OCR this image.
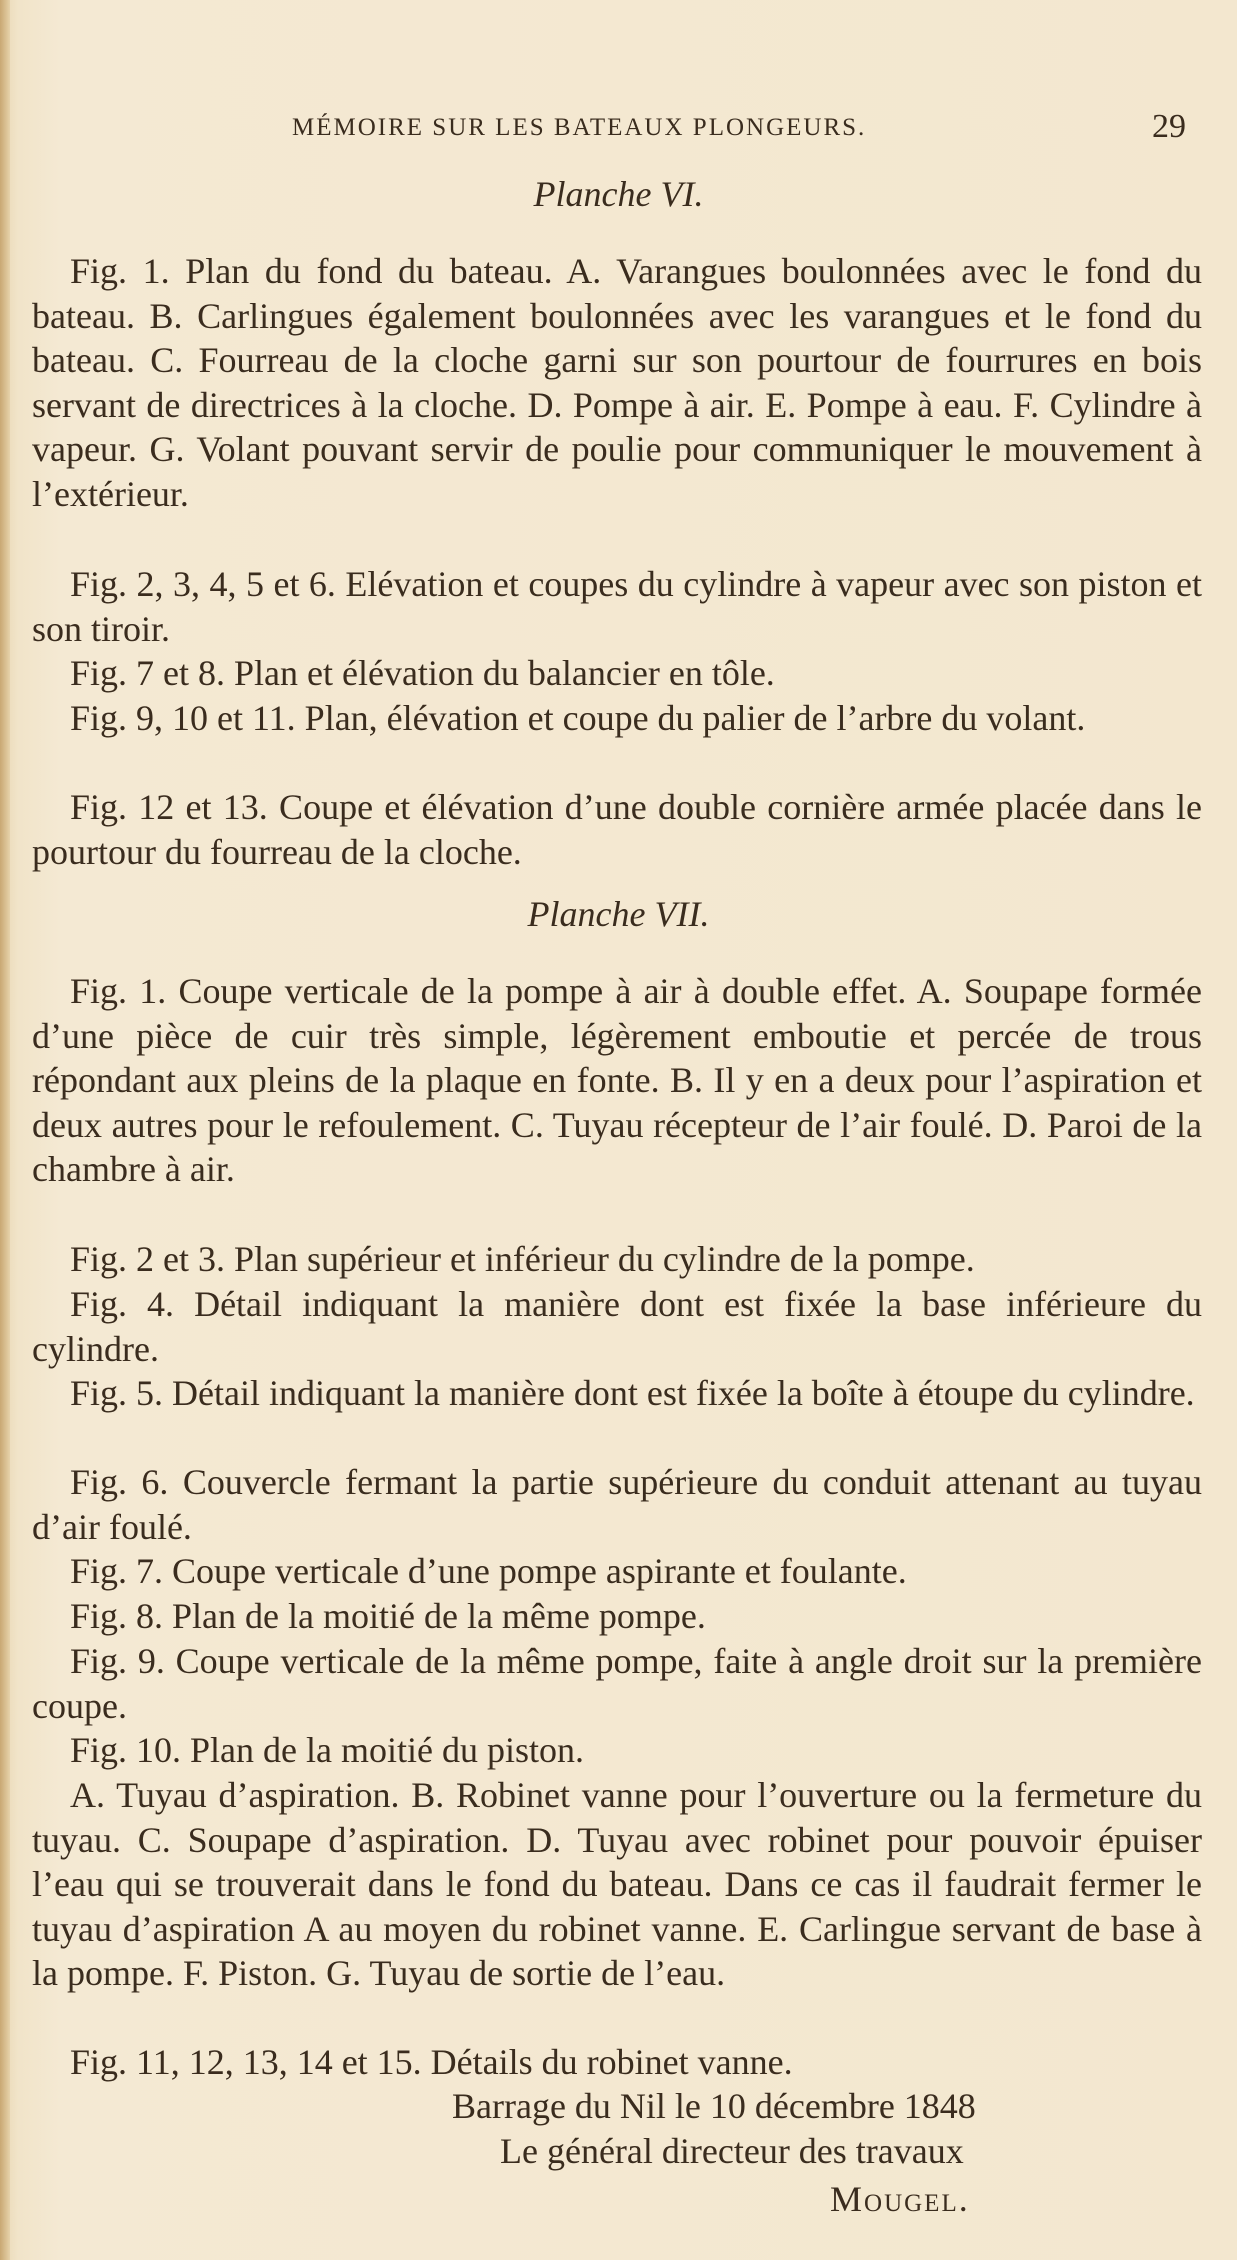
MÉMOIRE SUR LES BATEAUX PLONGEURS.	29
Planche VI.
Fig. 1. Plan du fond du bateau. A. Varangues boulonnées avec le fond du bateau. B. Carlingues également boulonnées avec les varangues et le fond du bateau. C. Fourreau de la cloche garni sur son pourtour de fourrures en bois servant de directrices à la cloche. D. Pompe à air. E. Pompe à eau. F. Cylindre à vapeur. G. Volant pouvant servir de poulie pour communiquer le mouvement à l’extérieur.
Fig. 2, 3, 4, 5 et 6. Elévation et coupes du cylindre à vapeur avec son piston et son tiroir.
Fig. 7 et 8. Plan et élévation du balancier en tôle.
Fig. 9, 10 et 11. Plan, élévation et coupe du palier de l’arbre du volant.
Fig. 12 et 13. Coupe et élévation d’une double cornière armée placée dans le pourtour du fourreau de la cloche.
Planche VII.
Fig. 1. Coupe verticale de la pompe à air à double effet. A. Soupape formée d’une pièce de cuir très simple, légèrement emboutie et percée de trous répondant aux pleins de la plaque en fonte. B. Il y en a deux pour l’aspiration et deux autres pour le refoulement. C. Tuyau récepteur de l’air foulé. D. Paroi de la chambre à air.
Fig. 2 et 3. Plan supérieur et inférieur du cylindre de la pompe.
Fig. 4. Détail indiquant la manière dont est fixée la base inférieure du cylindre.
Fig. 5. Détail indiquant la manière dont est fixée la boîte à étoupe du cylindre.
Fig. 6. Couvercle fermant la partie supérieure du conduit attenant au tuyau d’air foulé.
Fig. 7. Coupe verticale d’une pompe aspirante et foulante.
Fig. 8. Plan de la moitié de la même pompe.
Fig. 9. Coupe verticale de la même pompe, faite à angle droit sur la première coupe.
Fig. 10. Plan de la moitié du piston.
A. Tuyau d’aspiration. B. Robinet vanne pour l’ouverture ou la fermeture du tuyau. C. Soupape d’aspiration. D. Tuyau avec robinet pour pouvoir épuiser l’eau qui se trouverait dans le fond du bateau. Dans ce cas il faudrait fermer le tuyau d’aspiration A au moyen du robinet vanne. E. Carlingue servant de base à la pompe. F. Piston. G. Tuyau de sortie de l’eau.
Fig. 11, 12, 13, 14 et 15. Détails du robinet vanne.
Barrage du Nil le 10 décembre 1848
Le général directeur des travaux
Mougel.
